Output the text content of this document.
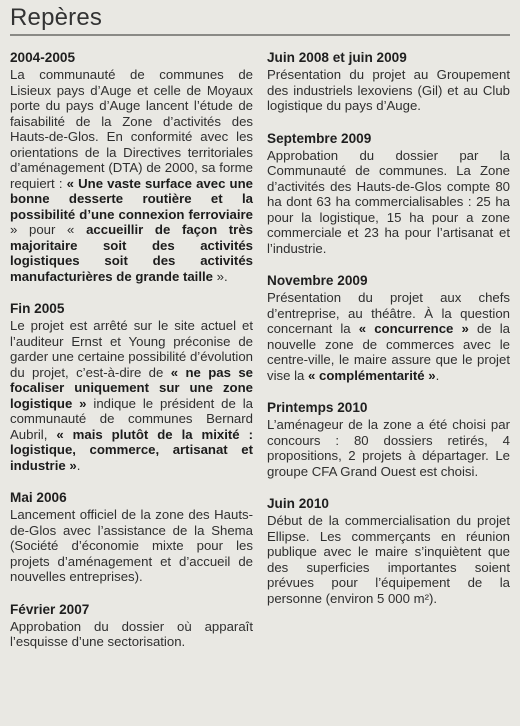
Repères
2004-2005
La communauté de communes de Lisieux pays d’Auge et celle de Moyaux porte du pays d’Auge lancent l’étude de faisabilité de la Zone d’activités des Hauts-de-Glos. En conformité avec les orientations de la Directives territoriales d’aménagement (DTA) de 2000, sa forme requiert : « Une vaste surface avec une bonne desserte routière et la possibilité d’une connexion ferroviaire » pour « accueillir de façon très majoritaire soit des activités logistiques soit des activités manufacturières de grande taille ».
Fin 2005
Le projet est arrêté sur le site actuel et l’auditeur Ernst et Young préconise de garder une certaine possibilité d’évolution du projet, c’est-à-dire de « ne pas se focaliser uniquement sur une zone logistique » indique le président de la communauté de communes Bernard Aubril, « mais plutôt de la mixité : logistique, commerce, artisanat et industrie ».
Mai 2006
Lancement officiel de la zone des Hauts-de-Glos avec l’assistance de la Shema (Société d’économie mixte pour les projets d’aménagement et d’accueil de nouvelles entreprises).
Février 2007
Approbation du dossier où apparaît l’esquisse d’une sectorisation.
Juin 2008 et juin 2009
Présentation du projet au Groupement des industriels lexoviens (Gil) et au Club logistique du pays d’Auge.
Septembre 2009
Approbation du dossier par la Communauté de communes. La Zone d’activités des Hauts-de-Glos compte 80 ha dont 63 ha commercialisables : 25 ha pour la logistique, 15 ha pour a zone commerciale et 23 ha pour l’artisanat et l’industrie.
Novembre 2009
Présentation du projet aux chefs d’entreprise, au théâtre. À la question concernant la « concurrence » de la nouvelle zone de commerces avec le centre-ville, le maire assure que le projet vise la « complémentarité ».
Printemps 2010
L’aménageur de la zone a été choisi par concours : 80 dossiers retirés, 4 propositions, 2 projets à départager. Le groupe CFA Grand Ouest est choisi.
Juin 2010
Début de la commercialisation du projet Ellipse. Les commerçants en réunion publique avec le maire s’inquiètent que des superficies importantes soient prévues pour l’équipement de la personne (environ 5 000 m²).
